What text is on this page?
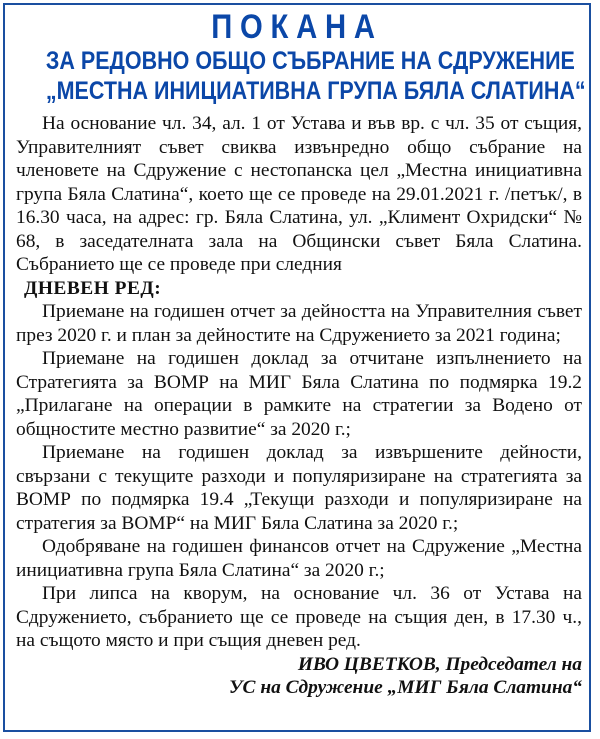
ПОКАНА
ЗА РЕДОВНО ОБЩО СЪБРАНИЕ НА СДРУЖЕНИЕ
„МЕСТНА ИНИЦИАТИВНА ГРУПА БЯЛА СЛАТИНА“

На основание чл. 34, ал. 1 от Устава и във вр. с чл. 35 от същия, Управителният съвет свиква извънредно общо събрание на членовете на Сдружение с нестопанска цел „Местна инициативна група Бяла Слатина“, което ще се проведе на 29.01.2021 г. /петък/, в 16.30 часа, на адрес: гр. Бяла Слатина, ул. „Климент Охридски“ № 68, в заседателната зала на Общински съвет Бяла Слатина. Събранието ще се проведе при следния

ДНЕВЕН РЕД:

Приемане на годишен отчет за дейността на Управителния съвет през 2020 г. и план за дейностите на Сдружението за 2021 година;

Приемане на годишен доклад за отчитане изпълнението на Стратегията за ВОМР на МИГ Бяла Слатина по подмярка 19.2 „Прилагане на операции в рамките на стратегии за Водено от общностите местно развитие“ за 2020 г.;

Приемане на годишен доклад за извършените дейности, свързани с текущите разходи и популяризиране на стратегията за ВОМР по подмярка 19.4 „Текущи разходи и популяризиране на стратегия за ВОМР“ на МИГ Бяла Слатина за 2020 г.;

Одобряване на годишен финансов отчет на Сдружение „Местна инициативна група Бяла Слатина“ за 2020 г.;

При липса на кворум, на основание чл. 36 от Устава на Сдружението, събранието ще се проведе на същия ден, в 17.30 ч., на същото място и при същия дневен ред.

ИВО ЦВЕТКОВ, Председател на
УС на Сдружение „МИГ Бяла Слатина“
